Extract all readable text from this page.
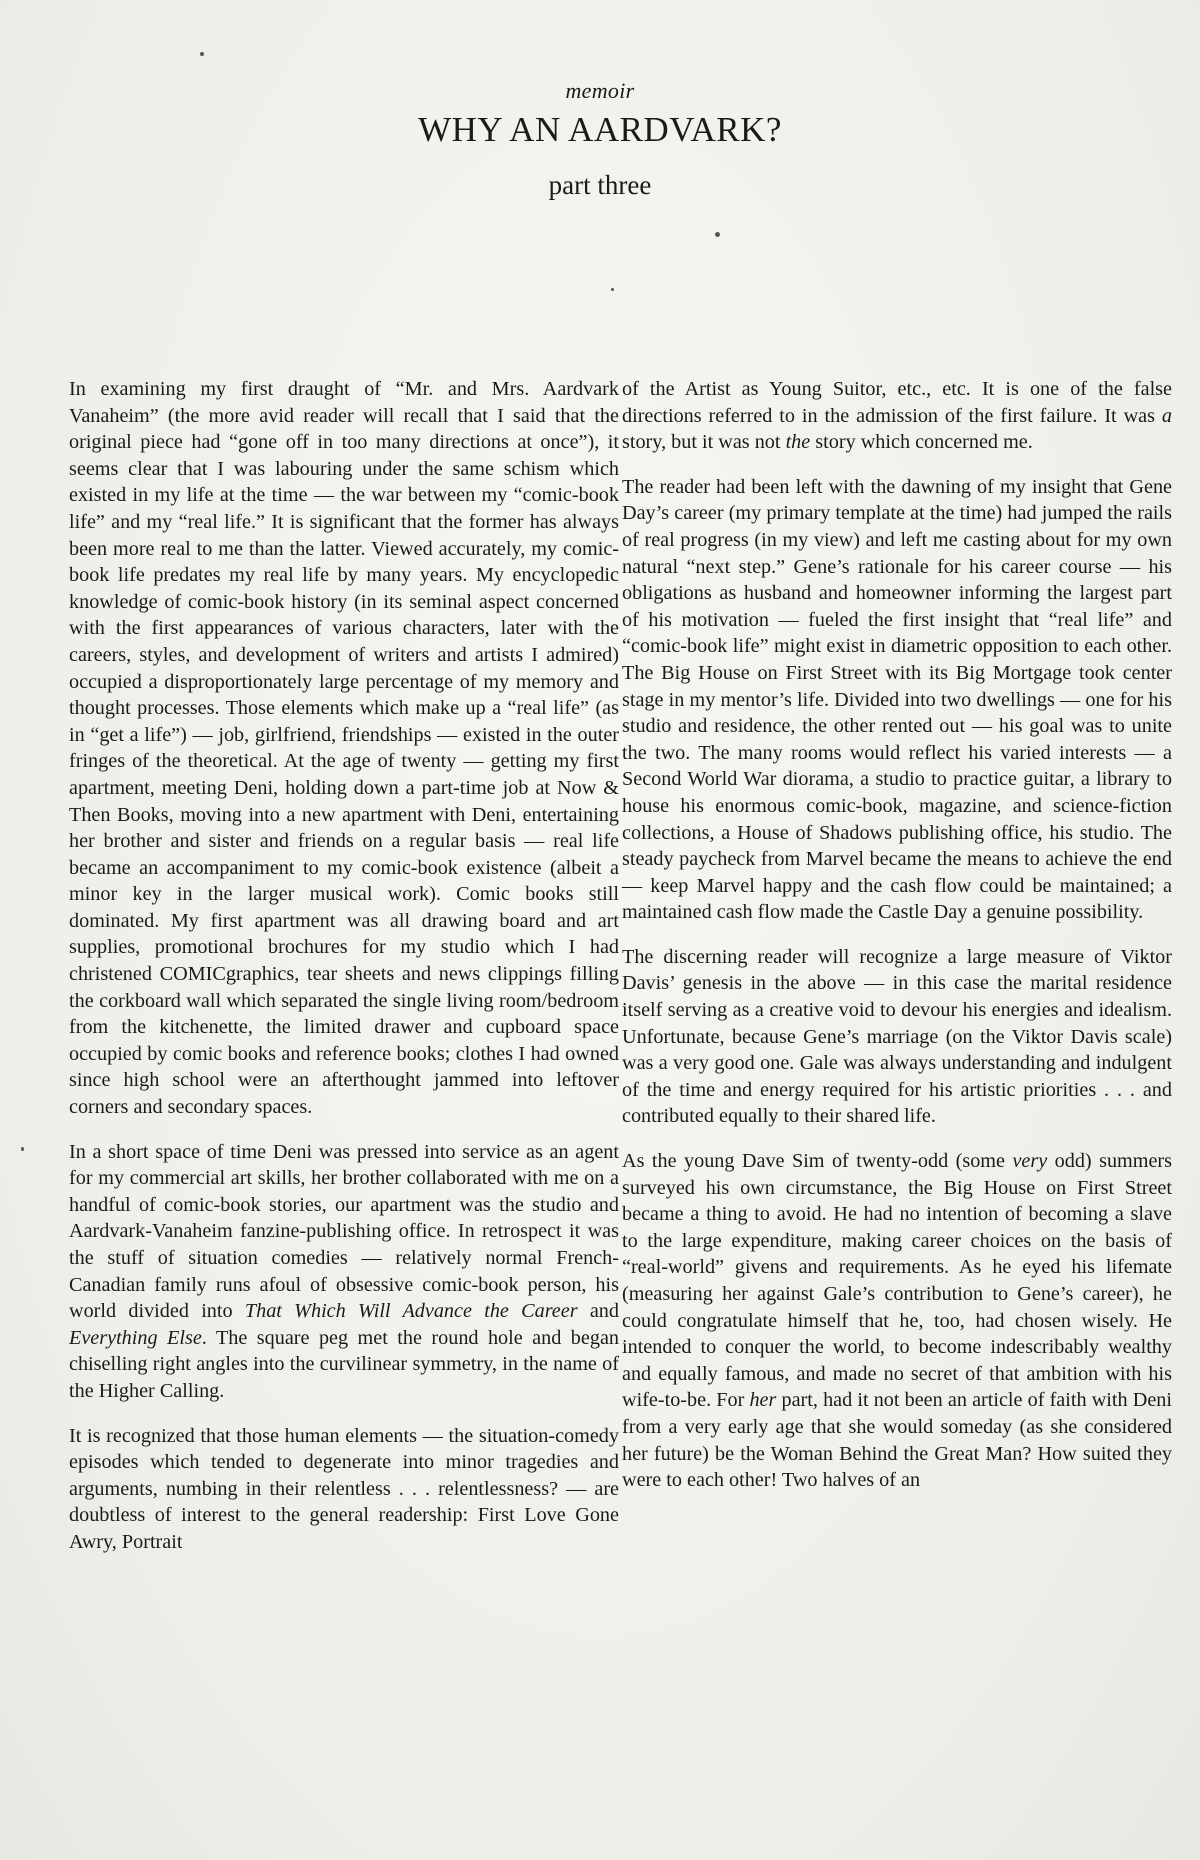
memoir
WHY AN AARDVARK?
part three

In examining my first draught of “Mr. and Mrs. Aardvark Vanaheim” (the more avid reader will recall that I said that the original piece had “gone off in too many directions at once”), it seems clear that I was labouring under the same schism which existed in my life at the time — the war between my “comic-book life” and my “real life.” It is significant that the former has always been more real to me than the latter. Viewed accurately, my comic-book life predates my real life by many years. My encyclopedic knowledge of comic-book history (in its seminal aspect concerned with the first appearances of various characters, later with the careers, styles, and development of writers and artists I admired) occupied a disproportionately large percentage of my memory and thought processes. Those elements which make up a “real life” (as in “get a life”) — job, girlfriend, friendships — existed in the outer fringes of the theoretical. At the age of twenty — getting my first apartment, meeting Deni, holding down a part-time job at Now & Then Books, moving into a new apartment with Deni, entertaining her brother and sister and friends on a regular basis — real life became an accompaniment to my comic-book existence (albeit a minor key in the larger musical work). Comic books still dominated. My first apartment was all drawing board and art supplies, promotional brochures for my studio which I had christened COMICgraphics, tear sheets and news clippings filling the corkboard wall which separated the single living room/bedroom from the kitchenette, the limited drawer and cupboard space occupied by comic books and reference books; clothes I had owned since high school were an afterthought jammed into leftover corners and secondary spaces.

In a short space of time Deni was pressed into service as an agent for my commercial art skills, her brother collaborated with me on a handful of comic-book stories, our apartment was the studio and Aardvark-Vanaheim fanzine-publishing office. In retrospect it was the stuff of situation comedies — relatively normal French-Canadian family runs afoul of obsessive comic-book person, his world divided into That Which Will Advance the Career and Everything Else. The square peg met the round hole and began chiselling right angles into the curvilinear symmetry, in the name of the Higher Calling.

It is recognized that those human elements — the situation-comedy episodes which tended to degenerate into minor tragedies and arguments, numbing in their relentless . . . relentlessness? — are doubtless of interest to the general readership: First Love Gone Awry, Portrait

of the Artist as Young Suitor, etc., etc. It is one of the false directions referred to in the admission of the first failure. It was a story, but it was not the story which concerned me.

The reader had been left with the dawning of my insight that Gene Day’s career (my primary template at the time) had jumped the rails of real progress (in my view) and left me casting about for my own natural “next step.” Gene’s rationale for his career course — his obligations as husband and homeowner informing the largest part of his motivation — fueled the first insight that “real life” and “comic-book life” might exist in diametric opposition to each other. The Big House on First Street with its Big Mortgage took center stage in my mentor’s life. Divided into two dwellings — one for his studio and residence, the other rented out — his goal was to unite the two. The many rooms would reflect his varied interests — a Second World War diorama, a studio to practice guitar, a library to house his enormous comic-book, magazine, and science-fiction collections, a House of Shadows publishing office, his studio. The steady paycheck from Marvel became the means to achieve the end — keep Marvel happy and the cash flow could be maintained; a maintained cash flow made the Castle Day a genuine possibility.

The discerning reader will recognize a large measure of Viktor Davis’ genesis in the above — in this case the marital residence itself serving as a creative void to devour his energies and idealism. Unfortunate, because Gene’s marriage (on the Viktor Davis scale) was a very good one. Gale was always understanding and indulgent of the time and energy required for his artistic priorities . . . and contributed equally to their shared life.

As the young Dave Sim of twenty-odd (some very odd) summers surveyed his own circumstance, the Big House on First Street became a thing to avoid. He had no intention of becoming a slave to the large expenditure, making career choices on the basis of “real-world” givens and requirements. As he eyed his lifemate (measuring her against Gale’s contribution to Gene’s career), he could congratulate himself that he, too, had chosen wisely. He intended to conquer the world, to become indescribably wealthy and equally famous, and made no secret of that ambition with his wife-to-be. For her part, had it not been an article of faith with Deni from a very early age that she would someday (as she considered her future) be the Woman Behind the Great Man? How suited they were to each other! Two halves of an
